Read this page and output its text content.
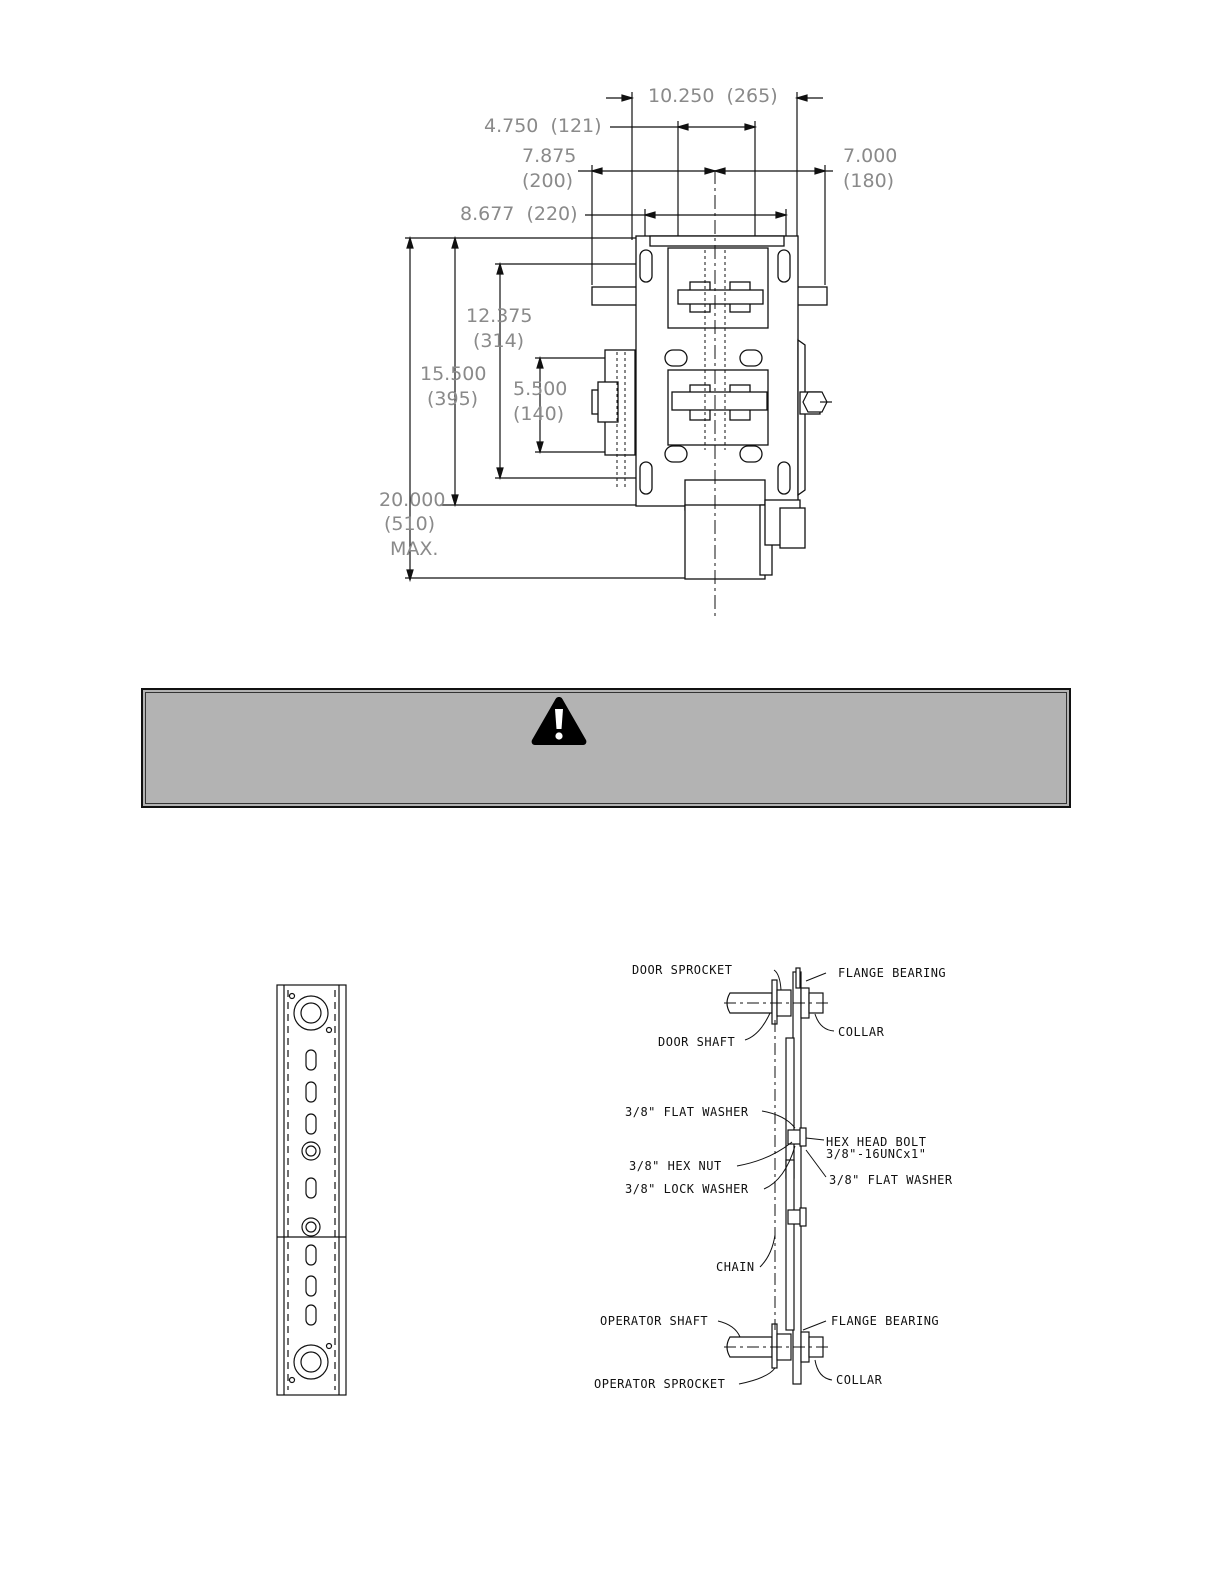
10.250  (265)
4.750  (121)
7.875
(200)
7.000
(180)
8.677  (220)
12.375
(314)
15.500
(395) 5.500
(140)
20.000
(510)
MAX.
DOOR SPROCKET	FLANGE BEARING
DOOR SHAFT
COLLAR
3/8" FLAT WASHER
HEX HEAD BOLT
3/8"-16UNCx1"
3/8" HEX NUT
3/8" FLAT WASHER
3/8" LOCK WASHER
CHAIN
OPERATOR SHAFT	FLANGE BEARING
OPERATOR SPROCKET	COLLAR
